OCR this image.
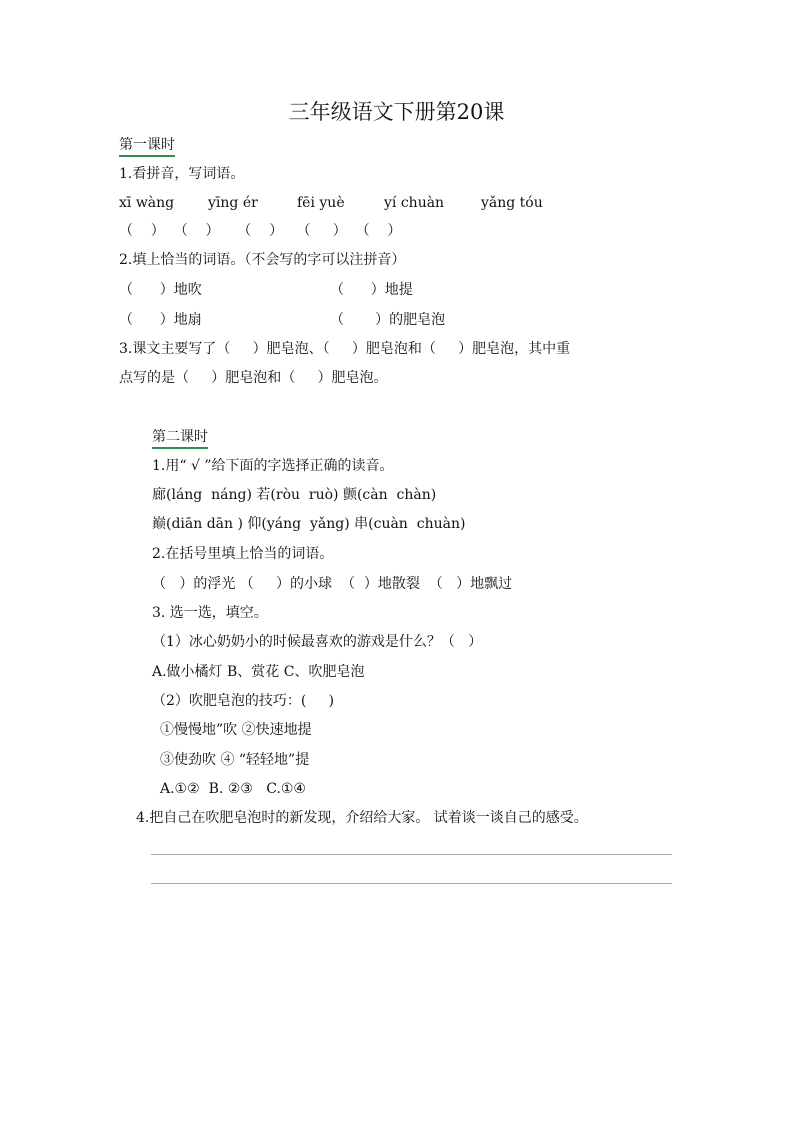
三年级语文下册第20课
第一课时
1.看拼音，写词语。
xī wàng yīng ér	fēi yuè	yí chuàn	yǎng tóu
（    ）  （    ）    （    ）   （     ）  （    ）
2.填上恰当的词语。（不会写的字可以注拼音）
（      ）地吹	（      ）地提
（      ）地扇	（       ）的肥皂泡
3.课文主要写了（     ）肥皂泡、（     ）肥皂泡和（     ）肥皂泡，其中重
点写的是（     ）肥皂泡和（     ）肥皂泡。
第二课时
1.用“ √ ”给下面的字选择正确的读音。
廊(láng  náng) 若(ròu  ruò) 颤(càn  chàn)
巅(diān dān ) 仰(yáng  yǎng) 串(cuàn  chuàn)
2.在括号里填上恰当的词语。
（   ）的浮光 （     ）的小球  （  ）地散裂  （   ）地飘过
3. 选一选，填空。
（1）冰心奶奶小的时候最喜欢的游戏是什么？（   ）
A.做小橘灯 B、赏花 C、吹肥皂泡
（2）吹肥皂泡的技巧：(     )
①慢慢地”吹 ②快速地提
③使劲吹 ④ “轻轻地”提
A.①②  B. ②③   C.①④
4.把自己在吹肥皂泡时的新发现，介绍给大家。 试着谈一谈自己的感受。
